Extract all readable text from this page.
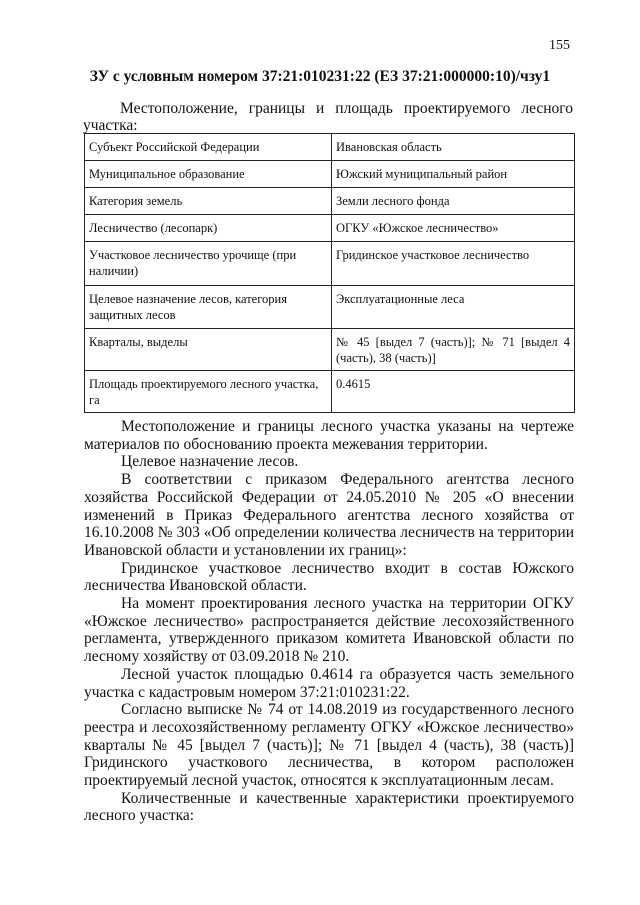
155
ЗУ с условным номером 37:21:010231:22 (ЕЗ 37:21:000000:10)/чзу1

Местоположение, границы и площадь проектируемого лесного участка:

Субъект Российской Федерации	Ивановская область
Муниципальное образование	Южский муниципальный район
Категория земель	Земли лесного фонда
Лесничество (лесопарк)	ОГКУ «Южское лесничество»
Участковое лесничество урочище (при наличии)	Гридинское участковое лесничество
Целевое назначение лесов, категория защитных лесов	Эксплуатационные леса
Кварталы, выделы	№ 45 [выдел 7 (часть)]; № 71 [выдел 4 (часть), 38 (часть)]
Площадь проектируемого лесного участка, га	0.4615

Местоположение и границы лесного участка указаны на чертеже материалов по обоснованию проекта межевания территории.

Целевое назначение лесов.

В соответствии с приказом Федерального агентства лесного хозяйства Российской Федерации от 24.05.2010 № 205 «О внесении изменений в Приказ Федерального агентства лесного хозяйства от 16.10.2008 № 303 «Об определении количества лесничеств на территории Ивановской области и установлении их границ»:

Гридинское участковое лесничество входит в состав Южского лесничества Ивановской области.

На момент проектирования лесного участка на территории ОГКУ «Южское лесничество» распространяется действие лесохозяйственного регламента, утвержденного приказом комитета Ивановской области по лесному хозяйству от 03.09.2018 № 210.

Лесной участок площадью 0.4614 га образуется часть земельного участка с кадастровым номером 37:21:010231:22.

Согласно выписке № 74 от 14.08.2019 из государственного лесного реестра и лесохозяйственному регламенту ОГКУ «Южское лесничество» кварталы № 45 [выдел 7 (часть)]; № 71 [выдел 4 (часть), 38 (часть)] Гридинского участкового лесничества, в котором расположен проектируемый лесной участок, относятся к эксплуатационным лесам.

Количественные и качественные характеристики проектируемого лесного участка:
